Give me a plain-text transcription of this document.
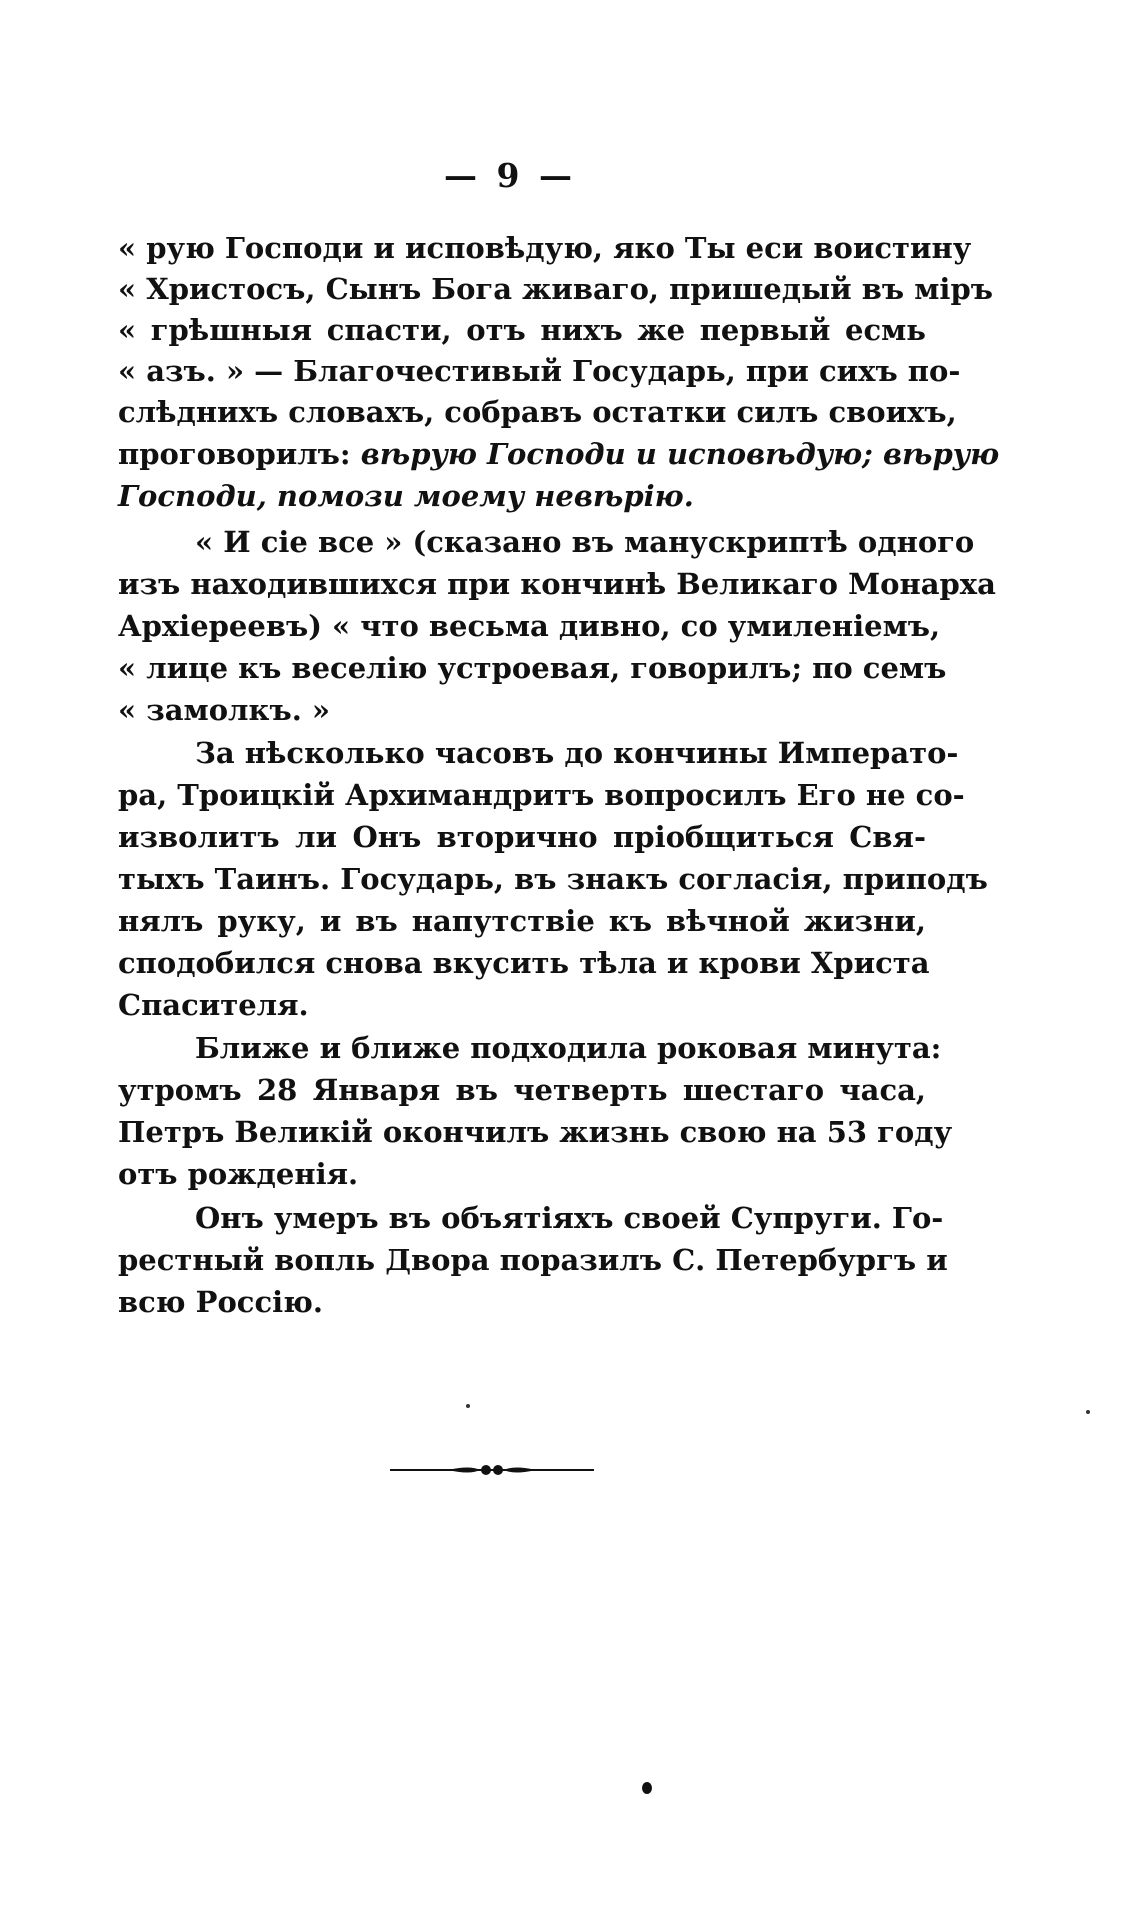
— 9 —
« рую Господи и исповѣдую, яко Ты еси воистину
« Христосъ, Сынъ Бога живаго, пришедый въ міръ
« грѣшныя спасти, отъ нихъ же первый есмь
« азъ. » — Благочестивый Государь, при сихъ по-
слѣднихъ словахъ, собравъ остатки силъ своихъ,
проговорилъ: вѣрую Господи и исповѣдую; вѣрую
Господи, помози моему невѣрію.
« И сіе все » (сказано въ манускриптѣ одного
изъ находившихся при кончинѣ Великаго Монарха
Архіереевъ) « что весьма дивно, со умиленіемъ,
« лице къ веселію устроевая, говорилъ; по семъ
« замолкъ. »
За нѣсколько часовъ до кончины Императо-
ра, Троицкій Архимандритъ вопросилъ Его не со-
изволитъ ли Онъ вторично пріобщиться Свя-
тыхъ Таинъ. Государь, въ знакъ согласія, приподъ
нялъ руку, и въ напутствіе къ вѣчной жизни,
сподобился снова вкусить тѣла и крови Христа
Спасителя.
Ближе и ближе подходила роковая минута:
утромъ 28 Января въ четверть шестаго часа,
Петръ Великій окончилъ жизнь свою на 53 году
отъ рожденія.
Онъ умеръ въ объятіяхъ своей Супруги. Го-
рестный вопль Двора поразилъ С. Петербургъ и
всю Россію.
